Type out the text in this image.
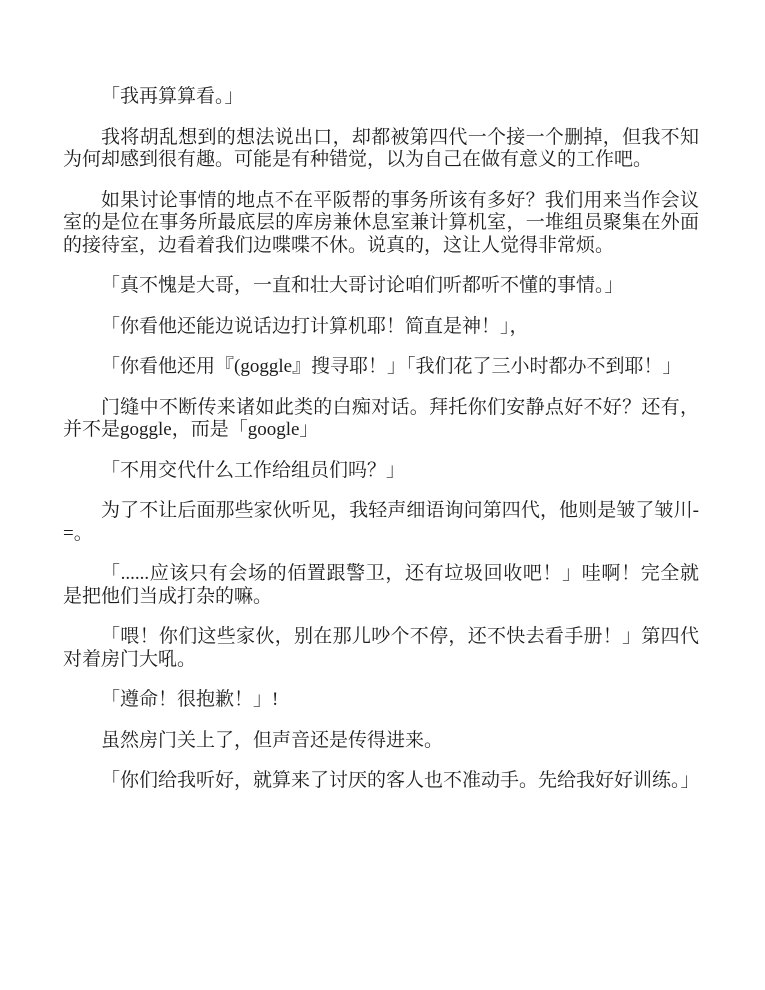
「我再算算看。」

我将胡乱想到的想法说出口，却都被第四代一个接一个删掉，但我不知为何却感到很有趣。可能是有种错觉，以为自己在做有意义的工作吧。

如果讨论事情的地点不在平阪帮的事务所该有多好？我们用来当作会议室的是位在事务所最底层的库房兼休息室兼计算机室，一堆组员聚集在外面的接待室，边看着我们边喋喋不休。说真的，这让人觉得非常烦。

「真不愧是大哥，一直和壮大哥讨论咱们听都听不懂的事情。」

「你看他还能边说话边打计算机耶！简直是神！」，

「你看他还用『(goggle』搜寻耶！」「我们花了三小时都办不到耶！」

门缝中不断传来诸如此类的白痴对话。拜托你们安静点好不好？还有，并不是goggle，而是「google」

「不用交代什么工作给组员们吗？」

为了不让后面那些家伙听见，我轻声细语询问第四代，他则是皱了皱川-=。

「......应该只有会场的佰置跟警卫，还有垃圾回收吧！」哇啊！完全就是把他们当成打杂的嘛。

「喂！你们这些家伙，别在那儿吵个不停，还不快去看手册！」第四代对着房门大吼。

「遵命！很抱歉！」!

虽然房门关上了，但声音还是传得进来。

「你们给我听好，就算来了讨厌的客人也不准动手。先给我好好训练。」
